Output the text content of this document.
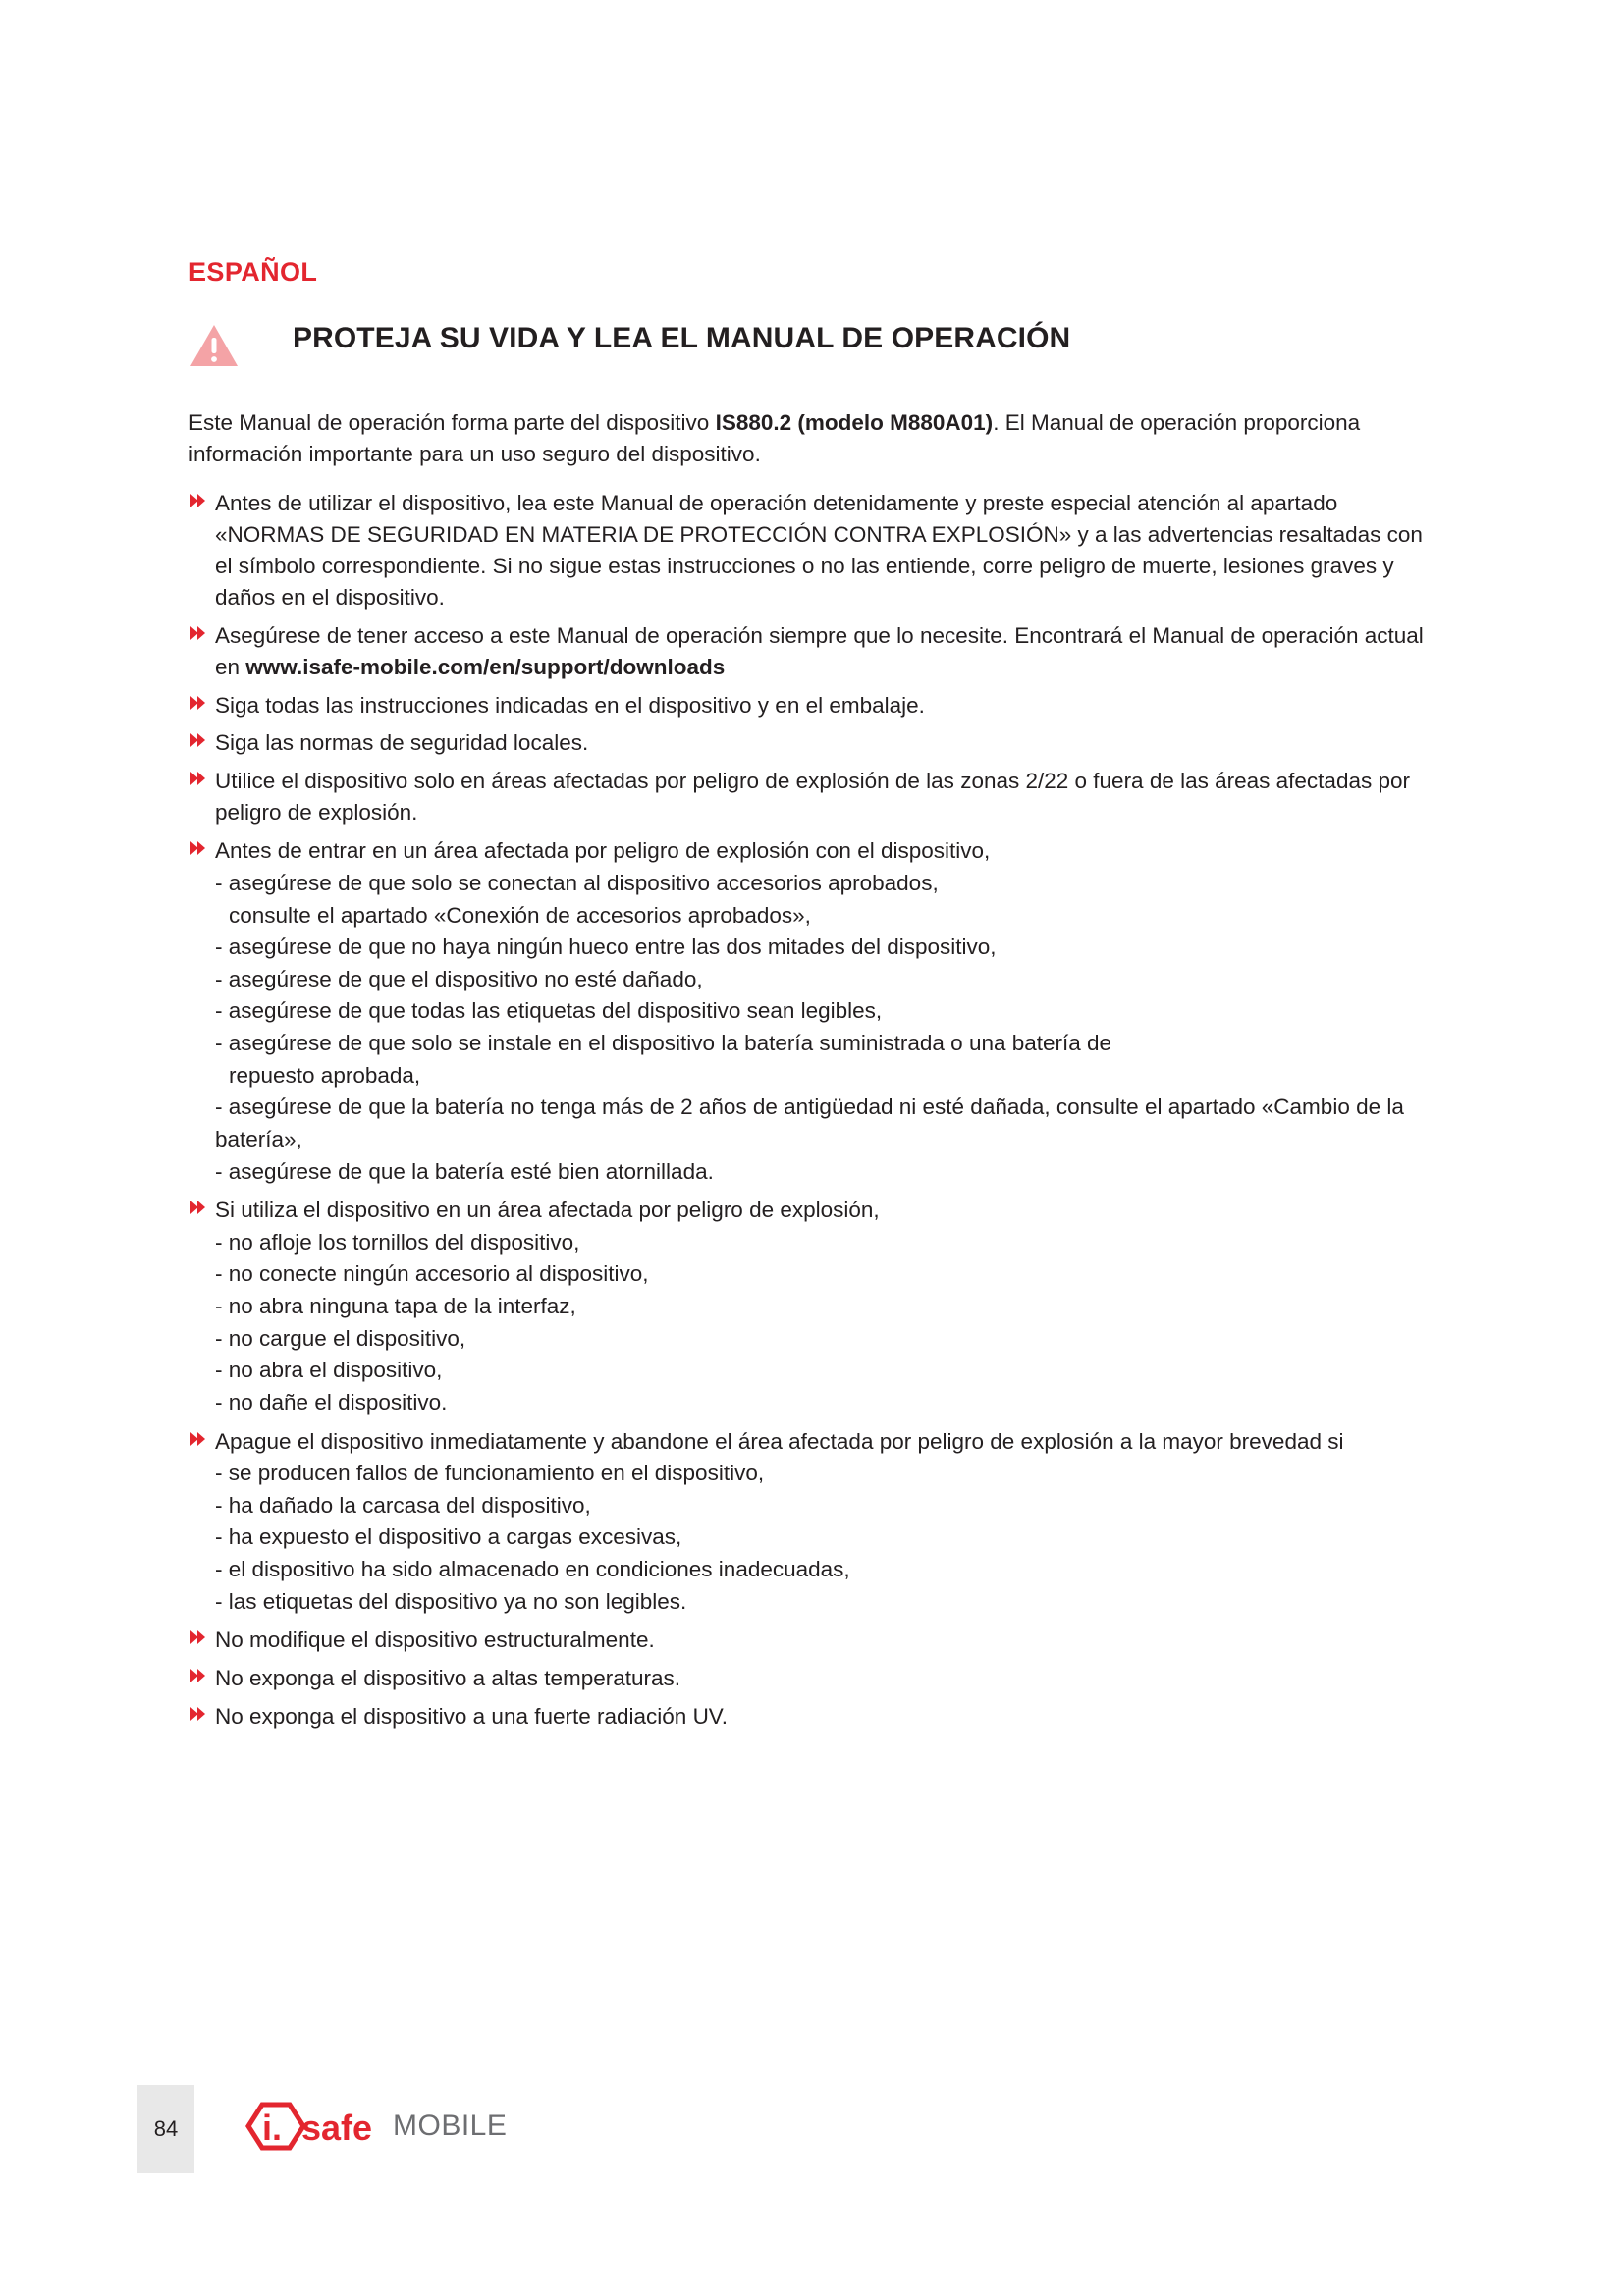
ESPAÑOL
PROTEJA SU VIDA Y LEA EL MANUAL DE OPERACIÓN

Este Manual de operación forma parte del dispositivo IS880.2 (modelo M880A01). El Manual de operación proporciona información importante para un uso seguro del dispositivo.

Antes de utilizar el dispositivo, lea este Manual de operación detenidamente y preste especial atención al apartado «NORMAS DE SEGURIDAD EN MATERIA DE PROTECCIÓN CONTRA EXPLOSIÓN» y a las advertencias resaltadas con el símbolo correspondiente. Si no sigue estas instrucciones o no las entiende, corre peligro de muerte, lesiones graves y daños en el dispositivo.
Asegúrese de tener acceso a este Manual de operación siempre que lo necesite. Encontrará el Manual de operación actual en www.isafe-mobile.com/en/support/downloads
Siga todas las instrucciones indicadas en el dispositivo y en el embalaje.
Siga las normas de seguridad locales.
Utilice el dispositivo solo en áreas afectadas por peligro de explosión de las zonas 2/22 o fuera de las áreas afectadas por peligro de explosión.
Antes de entrar en un área afectada por peligro de explosión con el dispositivo,
- asegúrese de que solo se conectan al dispositivo accesorios aprobados,
consulte el apartado «Conexión de accesorios aprobados»,
- asegúrese de que no haya ningún hueco entre las dos mitades del dispositivo,
- asegúrese de que el dispositivo no esté dañado,
- asegúrese de que todas las etiquetas del dispositivo sean legibles,
- asegúrese de que solo se instale en el dispositivo la batería suministrada o una batería de
repuesto aprobada,
- asegúrese de que la batería no tenga más de 2 años de antigüedad ni esté dañada, consulte el apartado «Cambio de la batería»,
- asegúrese de que la batería esté bien atornillada.
Si utiliza el dispositivo en un área afectada por peligro de explosión,
- no afloje los tornillos del dispositivo,
- no conecte ningún accesorio al dispositivo,
- no abra ninguna tapa de la interfaz,
- no cargue el dispositivo,
- no abra el dispositivo,
- no dañe el dispositivo.
Apague el dispositivo inmediatamente y abandone el área afectada por peligro de explosión a la mayor brevedad si
- se producen fallos de funcionamiento en el dispositivo,
- ha dañado la carcasa del dispositivo,
- ha expuesto el dispositivo a cargas excesivas,
- el dispositivo ha sido almacenado en condiciones inadecuadas,
- las etiquetas del dispositivo ya no son legibles.
No modifique el dispositivo estructuralmente.
No exponga el dispositivo a altas temperaturas.
No exponga el dispositivo a una fuerte radiación UV.
84	i. safe MOBILE
